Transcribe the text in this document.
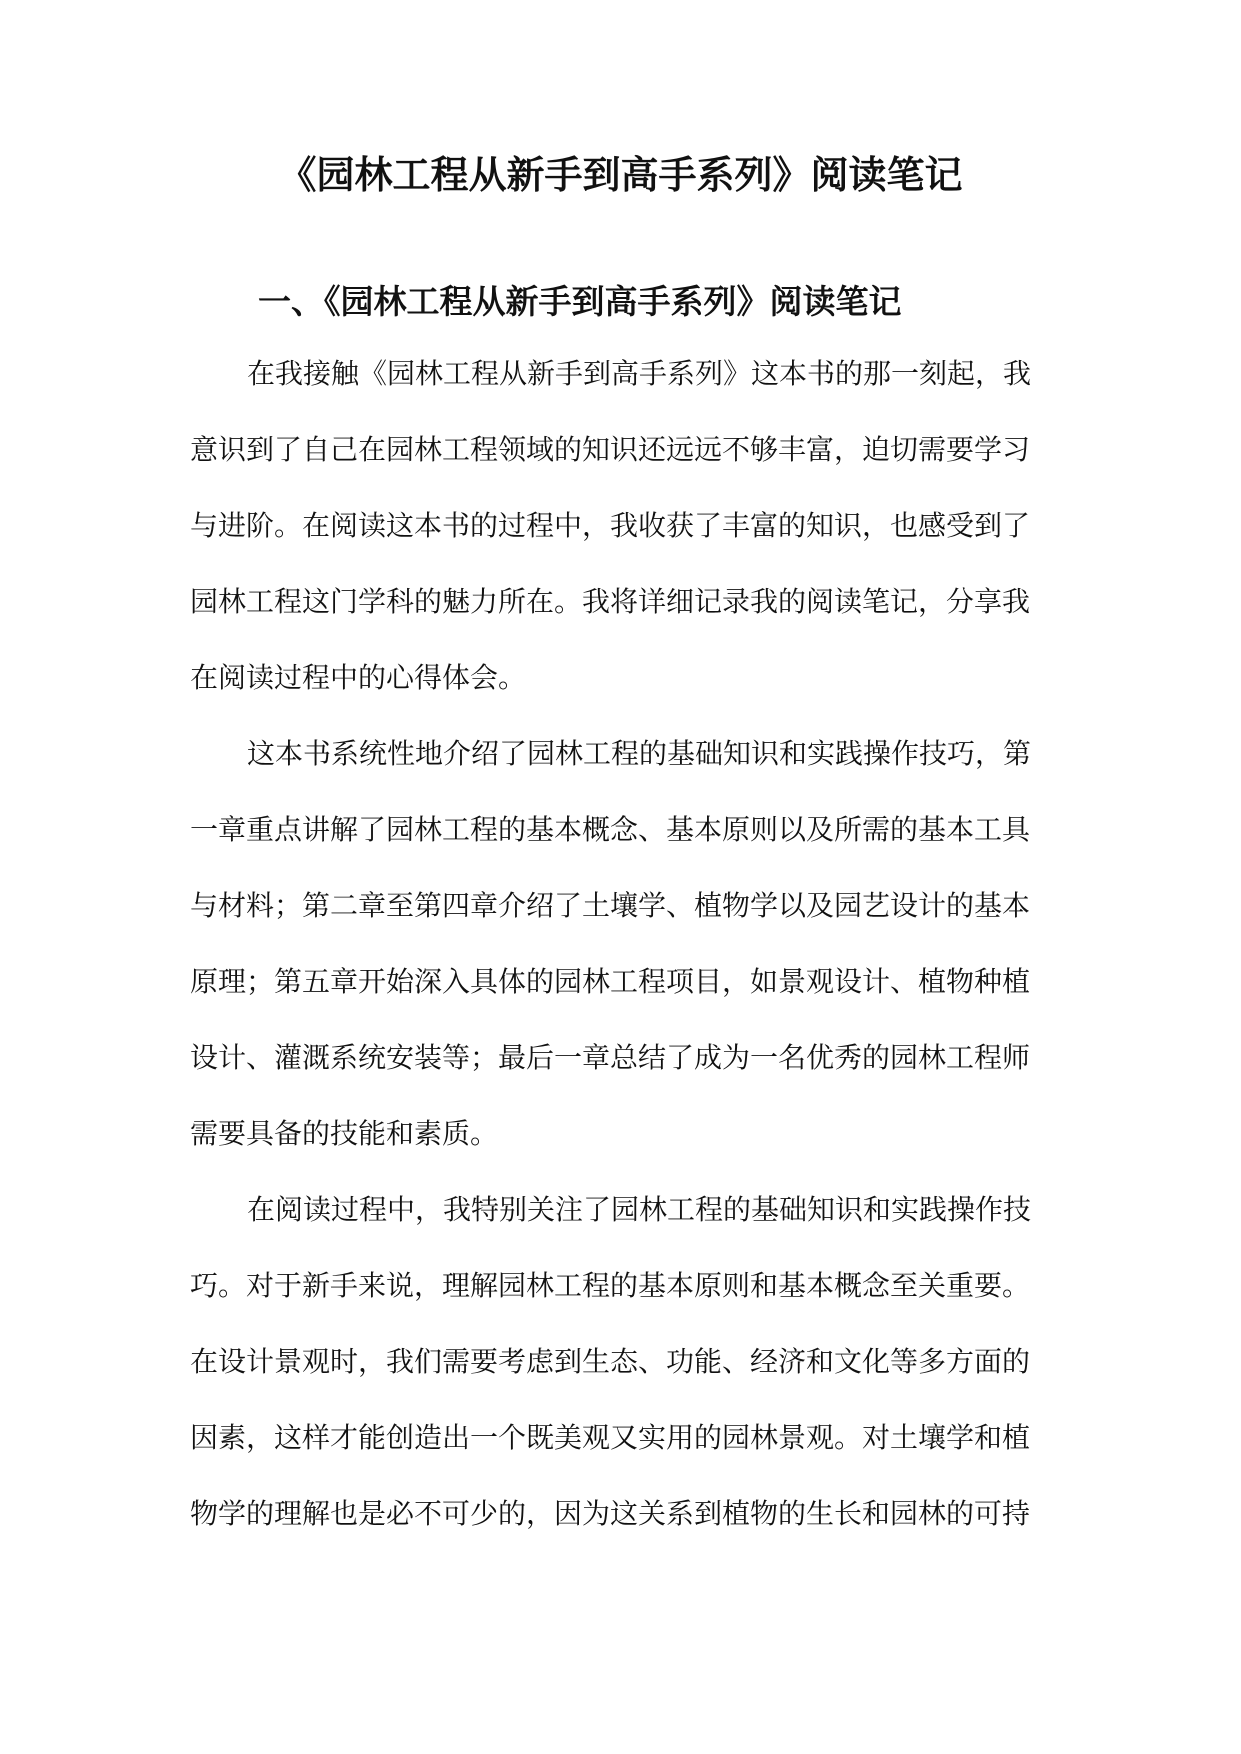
《园林工程从新手到高手系列》阅读笔记
一、《园林工程从新手到高手系列》阅读笔记
在我接触《园林工程从新手到高手系列》这本书的那一刻起，我
意识到了自己在园林工程领域的知识还远远不够丰富，迫切需要学习
与进阶。在阅读这本书的过程中，我收获了丰富的知识，也感受到了
园林工程这门学科的魅力所在。我将详细记录我的阅读笔记，分享我
在阅读过程中的心得体会。
这本书系统性地介绍了园林工程的基础知识和实践操作技巧，第
一章重点讲解了园林工程的基本概念、基本原则以及所需的基本工具
与材料；第二章至第四章介绍了土壤学、植物学以及园艺设计的基本
原理；第五章开始深入具体的园林工程项目，如景观设计、植物种植
设计、灌溉系统安装等；最后一章总结了成为一名优秀的园林工程师
需要具备的技能和素质。
在阅读过程中，我特别关注了园林工程的基础知识和实践操作技
巧。对于新手来说，理解园林工程的基本原则和基本概念至关重要。
在设计景观时，我们需要考虑到生态、功能、经济和文化等多方面的
因素，这样才能创造出一个既美观又实用的园林景观。对土壤学和植
物学的理解也是必不可少的，因为这关系到植物的生长和园林的可持
